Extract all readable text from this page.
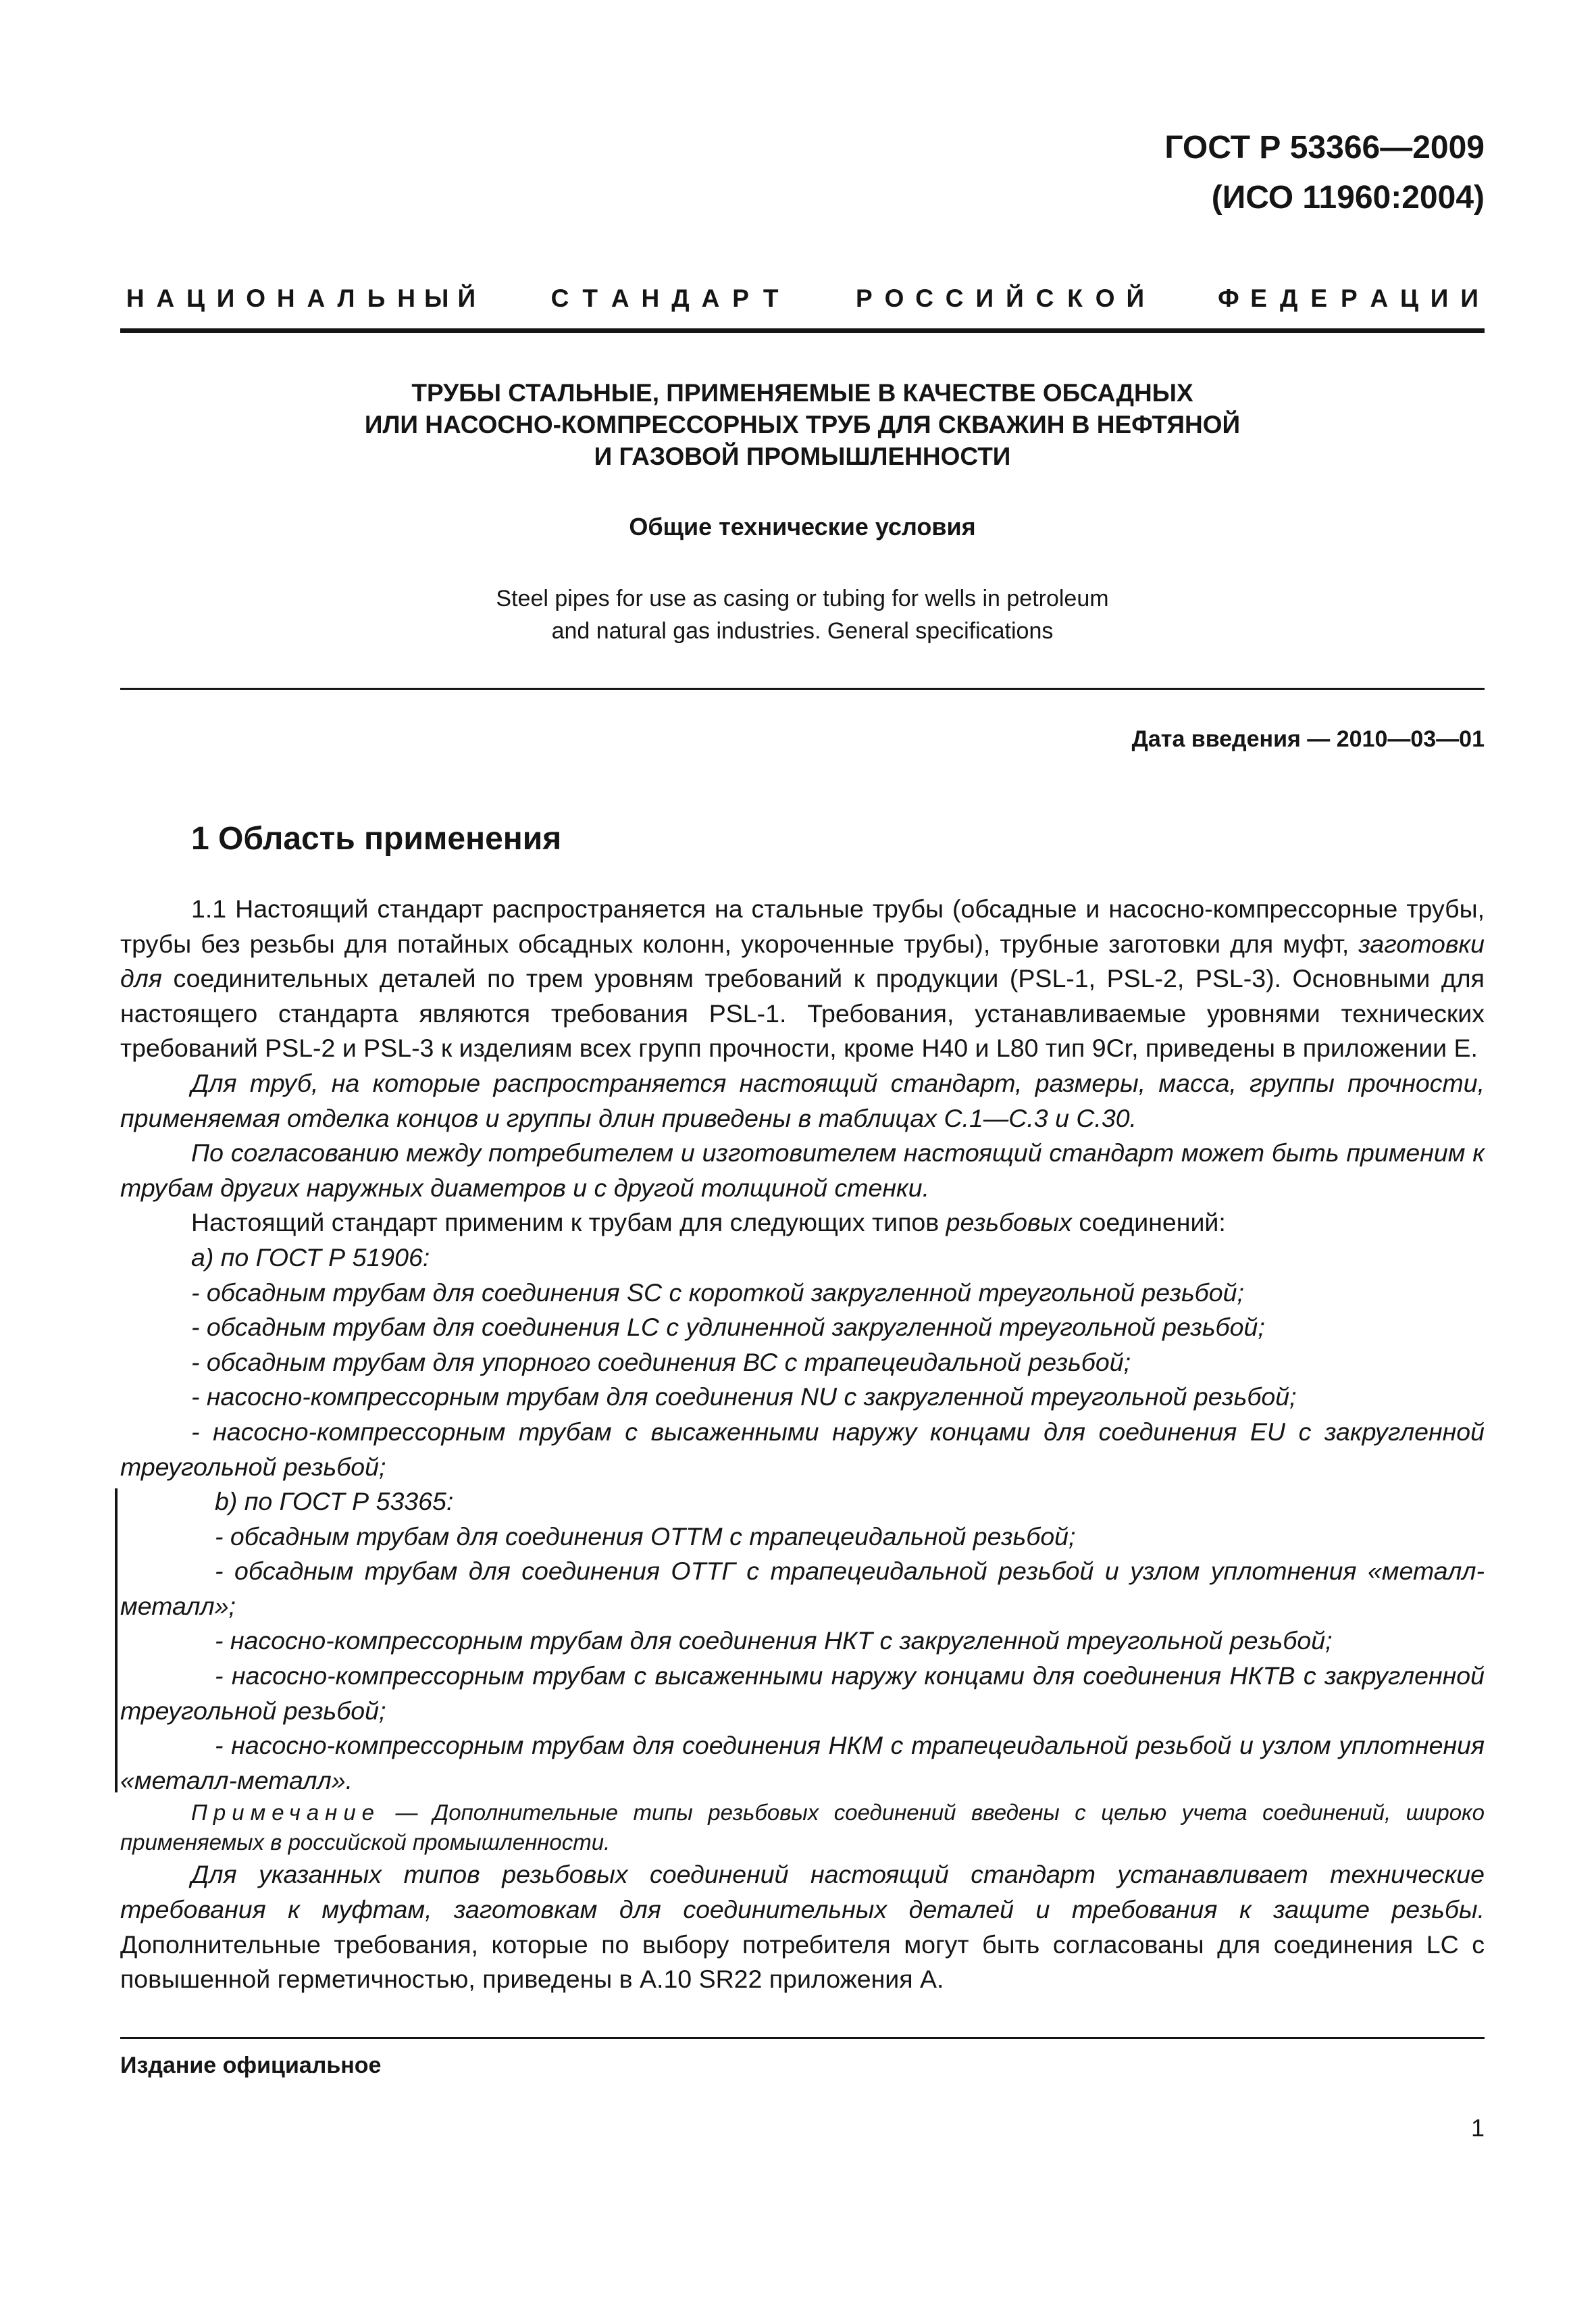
ГОСТ Р 53366—2009
(ИСО 11960:2004)
Н А Ц И О Н А Л Ь Н Ы Й	С Т А Н Д А Р Т	Р О С С И Й С К О Й	Ф Е Д Е Р А Ц И И
ТРУБЫ СТАЛЬНЫЕ, ПРИМЕНЯЕМЫЕ В КАЧЕСТВЕ ОБСАДНЫХ
ИЛИ НАСОСНО-КОМПРЕССОРНЫХ ТРУБ ДЛЯ СКВАЖИН В НЕФТЯНОЙ
И ГАЗОВОЙ ПРОМЫШЛЕННОСТИ
Общие технические условия
Steel pipes for use as casing or tubing for wells in petroleum
and natural gas industries. General specifications
Дата введения — 2010—03—01
1 Область применения

1.1 Настоящий стандарт распространяется на стальные трубы (обсадные и насосно-компрессорные трубы, трубы без резьбы для потайных обсадных колонн, укороченные трубы), трубные заготовки для муфт, заготовки для соединительных деталей по трем уровням требований к продукции (PSL-1, PSL-2, PSL-3). Основными для настоящего стандарта являются требования PSL-1. Требования, устанавливаемые уровнями технических требований PSL-2 и PSL-3 к изделиям всех групп прочности, кроме H40 и L80 тип 9Cr, приведены в приложении Е.

Для труб, на которые распространяется настоящий стандарт, размеры, масса, группы прочности, применяемая отделка концов и группы длин приведены в таблицах С.1—С.3 и С.30.

По согласованию между потребителем и изготовителем настоящий стандарт может быть применим к трубам других наружных диаметров и с другой толщиной стенки.

Настоящий стандарт применим к трубам для следующих типов резьбовых соединений:

a) по ГОСТ Р 51906:

- обсадным трубам для соединения SC с короткой закругленной треугольной резьбой;

- обсадным трубам для соединения LC с удлиненной закругленной треугольной резьбой;

- обсадным трубам для упорного соединения ВС с трапецеидальной резьбой;

- насосно-компрессорным трубам для соединения NU с закругленной треугольной резьбой;

- насосно-компрессорным трубам с высаженными наружу концами для соединения EU с закругленной треугольной резьбой;

b) по ГОСТ Р 53365:

- обсадным трубам для соединения ОТТМ с трапецеидальной резьбой;

- обсадным трубам для соединения ОТТГ с трапецеидальной резьбой и узлом уплотнения «металл-металл»;

- насосно-компрессорным трубам для соединения НКТ с закругленной треугольной резьбой;

- насосно-компрессорным трубам с высаженными наружу концами для соединения НКТВ с закругленной треугольной резьбой;

- насосно-компрессорным трубам для соединения НКМ с трапецеидальной резьбой и узлом уплотнения «металл-металл».

Примечание — Дополнительные типы резьбовых соединений введены с целью учета соединений, широко применяемых в российской промышленности.

Для указанных типов резьбовых соединений настоящий стандарт устанавливает технические требования к муфтам, заготовкам для соединительных деталей и требования к защите резьбы. Дополнительные требования, которые по выбору потребителя могут быть согласованы для соединения LC с повышенной герметичностью, приведены в А.10 SR22 приложения А.

Издание официальное
1
